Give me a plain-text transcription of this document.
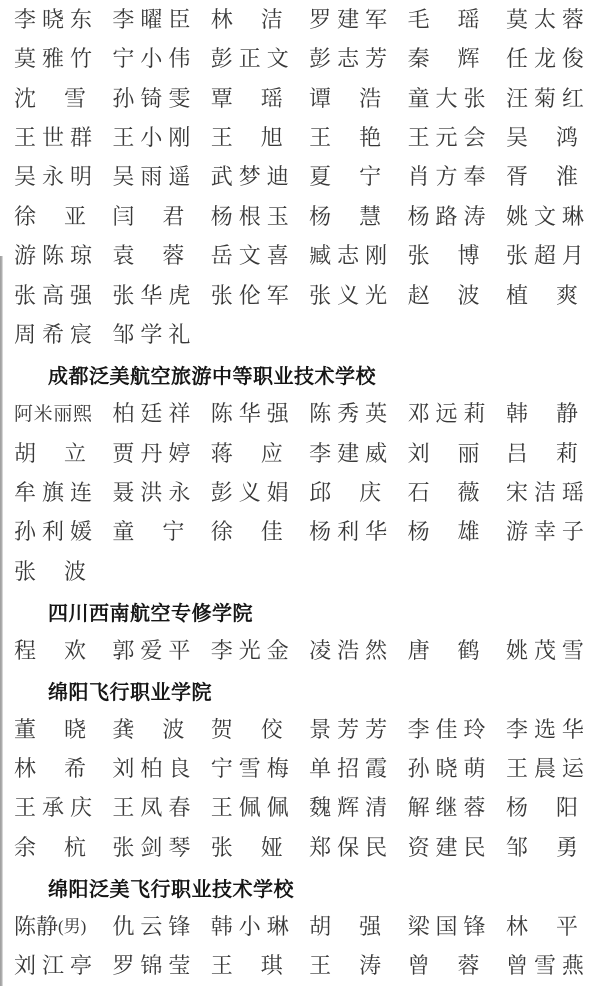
李 晓 东 李 曜 臣 林 洁 罗 建 军 毛 瑶 莫 太 蓉
莫 雅 竹 宁 小 伟 彭 正 文 彭 志 芳 秦 辉 任 龙 俊
沈 雪 孙 锜 雯 覃 瑶 谭 浩 童 大 张 汪 菊 红
王 世 群 王 小 刚 王 旭 王 艳 王 元 会 吴 鸿
吴 永 明 吴 雨 遥 武 梦 迪 夏 宁 肖 方 奉 胥 淮
徐 亚 闫 君 杨 根 玉 杨 慧 杨 路 涛 姚 文 琳
游 陈 琼 袁 蓉 岳 文 喜 臧 志 刚 张 博 张 超 月
张 高 强 张 华 虎 张 伦 军 张 义 光 赵 波 植 爽
周 希 宸 邹 学 礼
成都泛美航空旅游中等职业技术学校
阿 米 丽 熙 柏 廷 祥 陈 华 强 陈 秀 英 邓 远 莉 韩 静
胡 立 贾 丹 婷 蒋 应 李 建 威 刘 丽 吕 莉
牟 旗 连 聂 洪 永 彭 义 娟 邱 庆 石 薇 宋 洁 瑶
孙 利 媛 童 宁 徐 佳 杨 利 华 杨 雄 游 幸 子
张 波
四川西南航空专修学院
程 欢 郭 爱 平 李 光 金 凌 浩 然 唐 鹤 姚 茂 雪
绵阳飞行职业学院
董 晓 龚 波 贺 佼 景 芳 芳 李 佳 玲 李 选 华
林 希 刘 柏 良 宁 雪 梅 单 招 霞 孙 晓 萌 王 晨 运
王 承 庆 王 凤 春 王 佩 佩 魏 辉 清 解 继 蓉 杨 阳
余 杭 张 剑 琴 张 娅 郑 保 民 资 建 民 邹 勇
绵阳泛美飞行职业技术学校
陈静 (男) 仇 云 锋 韩 小 琳 胡 强 梁 国 锋 林 平
刘 江 亭 罗 锦 莹 王 琪 王 涛 曾 蓉 曾 雪 燕
